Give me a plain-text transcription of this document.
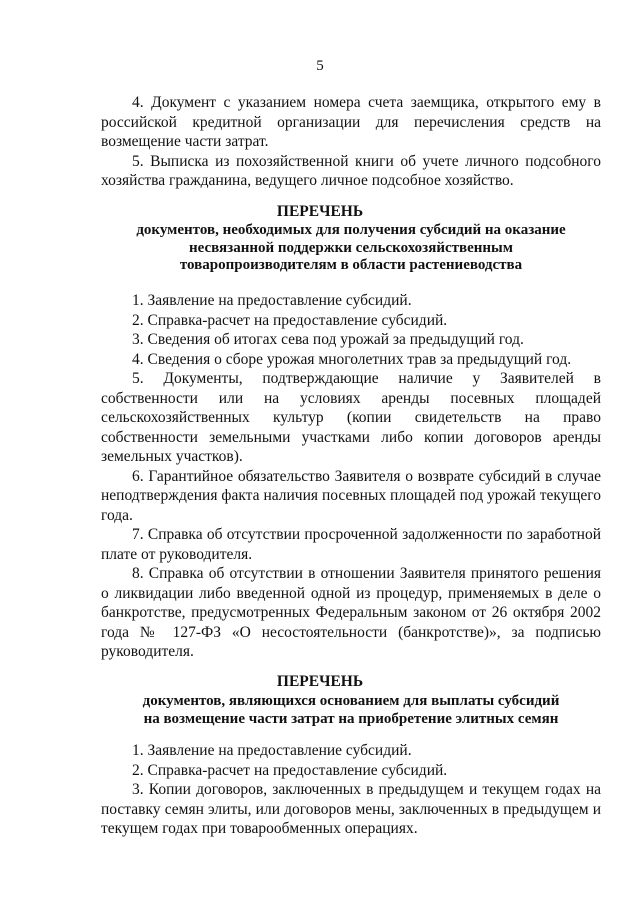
5

4. Документ с указанием номера счета заемщика, открытого ему в российской кредитной организации для перечисления средств на возмещение части затрат.

5. Выписка из похозяйственной книги об учете личного подсобного хозяйства гражданина, ведущего личное подсобное хозяйство.

ПЕРЕЧЕНЬ
документов, необходимых для получения субсидий на оказание
несвязанной поддержки сельскохозяйственным
товаропроизводителям в области растениеводства

1. Заявление на предоставление субсидий.

2. Справка-расчет на предоставление субсидий.

3. Сведения об итогах сева под урожай за предыдущий год.

4. Сведения о сборе урожая многолетних трав за предыдущий год.

5. Документы, подтверждающие наличие у Заявителей в собственности или на условиях аренды посевных площадей сельскохозяйственных культур (копии свидетельств на право собственности земельными участками либо копии договоров аренды земельных участков).

6. Гарантийное обязательство Заявителя о возврате субсидий в случае неподтверждения факта наличия посевных площадей под урожай текущего года.

7. Справка об отсутствии просроченной задолженности по заработной плате от руководителя.

8. Справка об отсутствии в отношении Заявителя принятого решения о ликвидации либо введенной одной из процедур, применяемых в деле о банкротстве, предусмотренных Федеральным законом от 26 октября 2002 года № 127-ФЗ «О несостоятельности (банкротстве)», за подписью руководителя.

ПЕРЕЧЕНЬ
документов, являющихся основанием для выплаты субсидий
на возмещение части затрат на приобретение элитных семян

1. Заявление на предоставление субсидий.

2. Справка-расчет на предоставление субсидий.

3. Копии договоров, заключенных в предыдущем и текущем годах на поставку семян элиты, или договоров мены, заключенных в предыдущем и текущем годах при товарообменных операциях.
